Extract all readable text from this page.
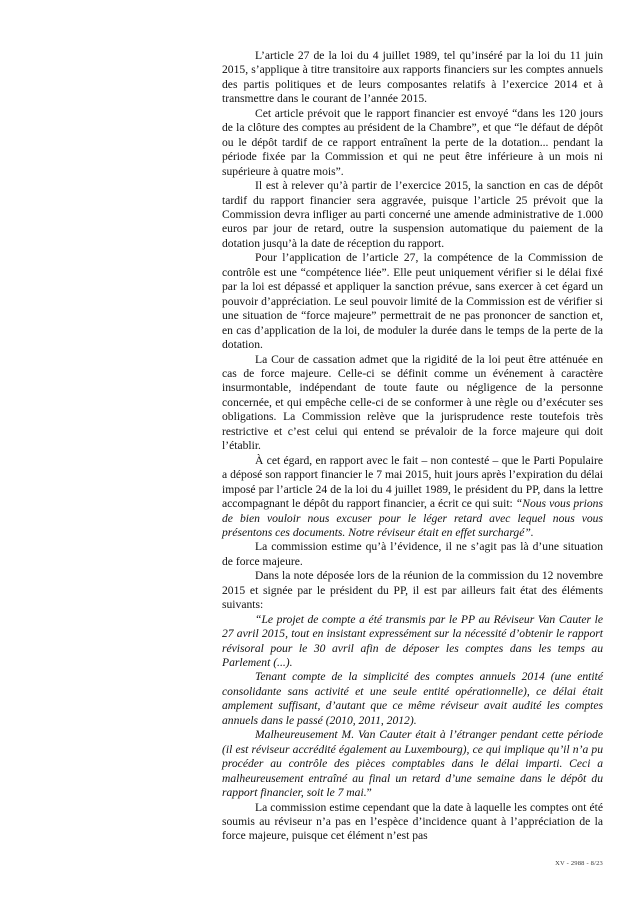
L’article 27 de la loi du 4 juillet 1989, tel qu’inséré par la loi du 11 juin 2015, s’applique à titre transitoire aux rapports financiers sur les comptes annuels des partis politiques et de leurs composantes relatifs à l’exercice 2014 et à transmettre dans le courant de l’année 2015.

Cet article prévoit que le rapport financier est envoyé “dans les 120 jours de la clôture des comptes au président de la Chambre”, et que “le défaut de dépôt ou le dépôt tardif de ce rapport entraînent la perte de la dotation... pendant la période fixée par la Commission et qui ne peut être inférieure à un mois ni supérieure à quatre mois”.

Il est à relever qu’à partir de l’exercice 2015, la sanction en cas de dépôt tardif du rapport financier sera aggravée, puisque l’article 25 prévoit que la Commission devra infliger au parti concerné une amende administrative de 1.000 euros par jour de retard, outre la suspension automatique du paiement de la dotation jusqu’à la date de réception du rapport.

Pour l’application de l’article 27, la compétence de la Commission de contrôle est une “compétence liée”. Elle peut uniquement vérifier si le délai fixé par la loi est dépassé et appliquer la sanction prévue, sans exercer à cet égard un pouvoir d’appréciation. Le seul pouvoir limité de la Commission est de vérifier si une situation de “force majeure” permettrait de ne pas prononcer de sanction et, en cas d’application de la loi, de moduler la durée dans le temps de la perte de la dotation.

La Cour de cassation admet que la rigidité de la loi peut être atténuée en cas de force majeure. Celle-ci se définit comme un événement à caractère insurmontable, indépendant de toute faute ou négligence de la personne concernée, et qui empêche celle-ci de se conformer à une règle ou d’exécuter ses obligations. La Commission relève que la jurisprudence reste toutefois très restrictive et c’est celui qui entend se prévaloir de la force majeure qui doit l’établir.

À cet égard, en rapport avec le fait – non contesté – que le Parti Populaire a déposé son rapport financier le 7 mai 2015, huit jours après l’expiration du délai imposé par l’article 24 de la loi du 4 juillet 1989, le président du PP, dans la lettre accompagnant le dépôt du rapport financier, a écrit ce qui suit: “Nous vous prions de bien vouloir nous excuser pour le léger retard avec lequel nous vous présentons ces documents. Notre réviseur était en effet surchargé”.

La commission estime qu’à l’évidence, il ne s’agit pas là d’une situation de force majeure.

Dans la note déposée lors de la réunion de la commission du 12 novembre 2015 et signée par le président du PP, il est par ailleurs fait état des éléments suivants:

“Le projet de compte a été transmis par le PP au Réviseur Van Cauter le 27 avril 2015, tout en insistant expressément sur la nécessité d’obtenir le rapport révisoral pour le 30 avril afin de déposer les comptes dans les temps au Parlement (...).

Tenant compte de la simplicité des comptes annuels 2014 (une entité consolidante sans activité et une seule entité opérationnelle), ce délai était amplement suffisant, d’autant que ce même réviseur avait audité les comptes annuels dans le passé (2010, 2011, 2012).

Malheureusement M. Van Cauter était à l’étranger pendant cette période (il est réviseur accrédité également au Luxembourg), ce qui implique qu’il n’a pu procéder au contrôle des pièces comptables dans le délai imparti. Ceci a malheureusement entraîné au final un retard d’une semaine dans le dépôt du rapport financier, soit le 7 mai.”

La commission estime cependant que la date à laquelle les comptes ont été soumis au réviseur n’a pas en l’espèce d’incidence quant à l’appréciation de la force majeure, puisque cet élément n’est pas

XV - 2988 - 8/23
